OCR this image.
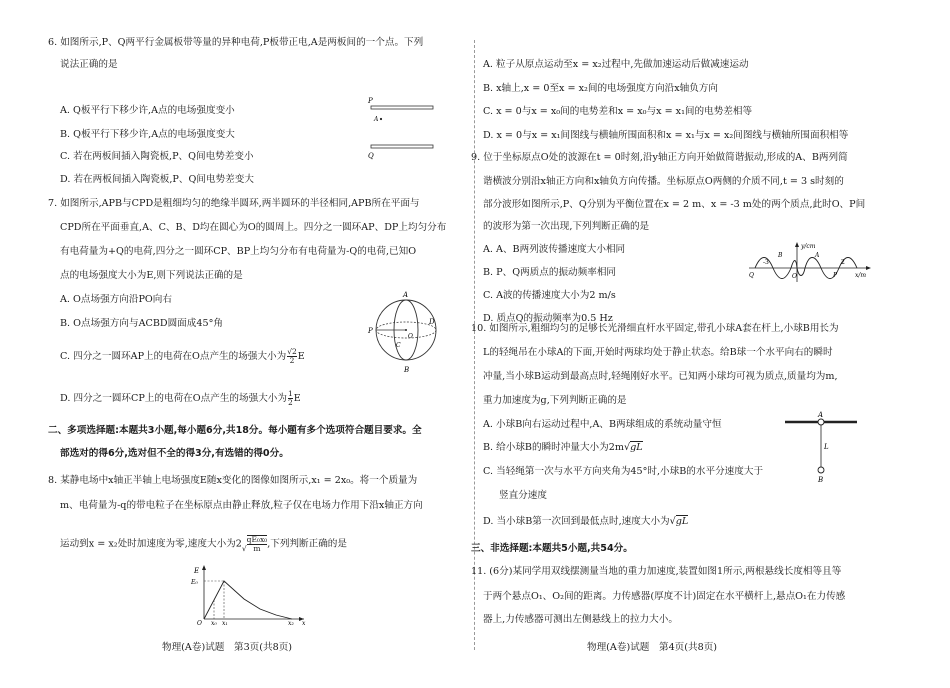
6. 如图所示,P、Q两平行金属板带等量的异种电荷,P板带正电,A是两板间的一个点。下列
说法正确的是
A. Q板平行下移少许,A点的电场强度变小
B. Q板平行下移少许,A点的电场强度变大
C. 若在两板间插入陶瓷板,P、Q间电势差变小
D. 若在两板间插入陶瓷板,P、Q间电势差变大
P
A
Q
7. 如图所示,APB与CPD是粗细均匀的绝缘半圆环,两半圆环的半径相同,APB所在平面与
CPD所在平面垂直,A、C、B、D均在圆心为O的圆周上。四分之一圆环AP、DP上均匀分布
有电荷量为+Q的电荷,四分之一圆环CP、BP上均匀分布有电荷量为-Q的电荷,已知O
点的电场强度大小为E,则下列说法正确的是
A. O点场强方向沿PO向右
B. O点场强方向与ACBD圆面成45°角
C. 四分之一圆环AP上的电荷在O点产生的场强大小为 $\frac{√2}{2}$ E
D. 四分之一圆环CP上的电荷在O点产生的场强大小为 $\frac{1}{2}$ E
A
P
O
D
C
B
二、多项选择题:本题共3小题,每小题6分,共18分。每小题有多个选项符合题目要求。全
部选对的得6分,选对但不全的得3分,有选错的得0分。
8. 某静电场中x轴正半轴上电场强度E随x变化的图像如图所示,x₁ = 2x₀。将一个质量为
m、电荷量为-q的带电粒子在坐标原点由静止释放,粒子仅在电场力作用下沿x轴正方向
运动到x = x₂处时加速度为零,速度大小为$2√ \frac{\text{qE₀x₀}}{m}$ ,下列判断正确的是
E
E₀
O x₀ x₁	x₂ x
物理(A卷)试题　第3页(共8页)
A. 粒子从原点运动至x = x₂过程中,先做加速运动后做减速运动
B. x轴上,x = 0至x = x₂间的电场强度方向沿x轴负方向
C. x = 0与x = x₀间的电势差和x = x₀与x = x₁间的电势差相等
D. x = 0与x = x₁间图线与横轴所围面积和x = x₁与x = x₂间图线与横轴所围面积相等
9. 位于坐标原点O处的波源在t = 0时刻,沿y轴正方向开始做简谐振动,形成的A、B两列简
谐横波分别沿x轴正方向和x轴负方向传播。坐标原点O两侧的介质不同,t = 3 s时刻的
部分波形如图所示,P、Q分别为平衡位置在x = 2 m、x = -3 m处的两个质点,此时O、P间
的波形为第一次出现,下列判断正确的是
A. A、B两列波传播速度大小相同
B. P、Q两质点的振动频率相同
C. A波的传播速度大小为2 m/s
D. 质点Q的振动频率为0.5 Hz
y/cm
B	A
Q
-3
O	P
2
x/m
10. 如图所示,粗细均匀的足够长光滑细直杆水平固定,带孔小球A套在杆上,小球B用长为
L的轻绳吊在小球A的下面,开始时两球均处于静止状态。给B球一个水平向右的瞬时
冲量,当小球B运动到最高点时,轻绳刚好水平。已知两小球均可视为质点,质量均为m,
重力加速度为g,下列判断正确的是
A. 小球B向右运动过程中,A、B两球组成的系统动量守恒
B. 给小球B的瞬时冲量大小为2m√gL
C. 当轻绳第一次与水平方向夹角为45°时,小球B的水平分速度大于
竖直分速度
D. 当小球B第一次回到最低点时,速度大小为√gL
A
L
B
三、非选择题:本题共5小题,共54分。
11. (6分)某同学用双线摆测量当地的重力加速度,装置如图1所示,两根悬线长度相等且等
于两个悬点O₁、O₂间的距离。力传感器(厚度不计)固定在水平横杆上,悬点O₁在力传感
器上,力传感器可测出左侧悬线上的拉力大小。
物理(A卷)试题　第4页(共8页)
